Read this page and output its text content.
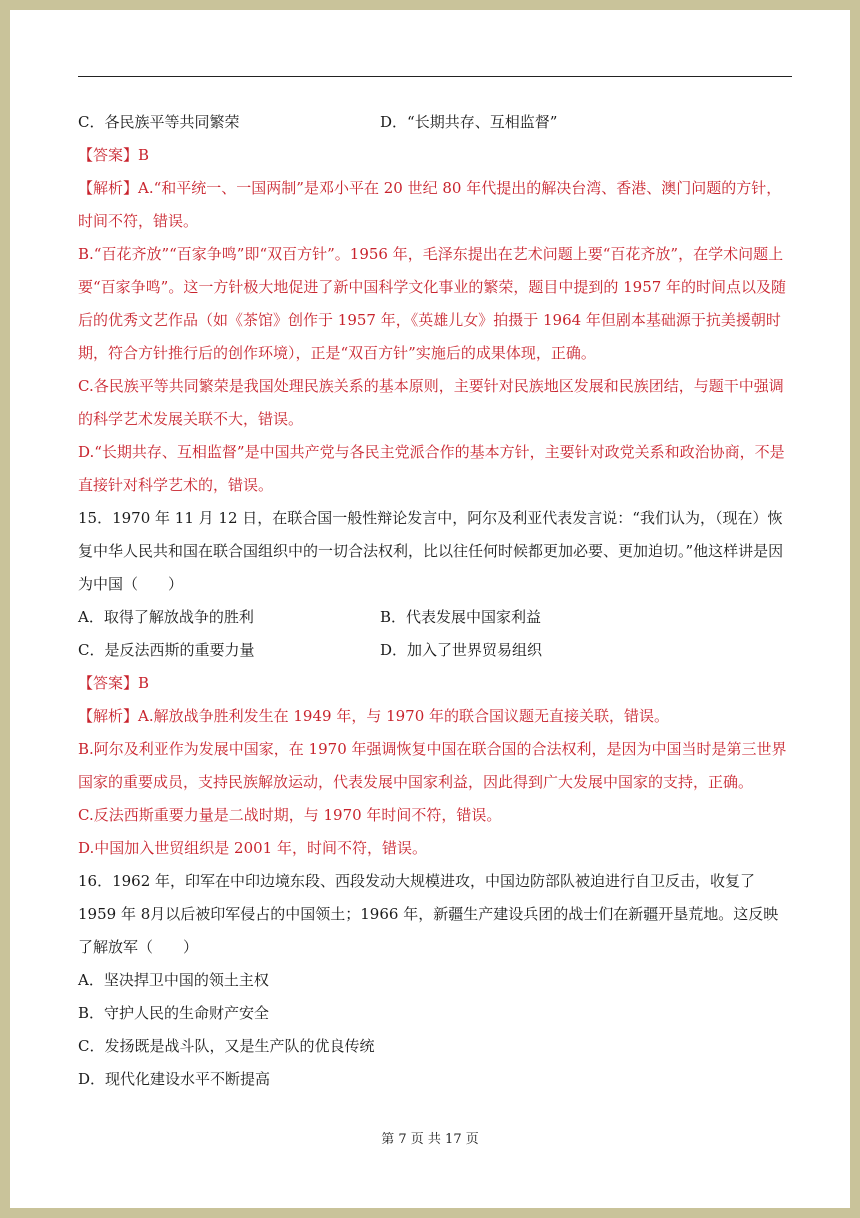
C．各民族平等共同繁荣	D．“长期共存、互相监督”
【答案】B
【解析】A.“和平统一、一国两制”是邓小平在 20 世纪 80 年代提出的解决台湾、香港、澳门问题的方针，时间不符，错误。
B.“百花齐放”“百家争鸣”即“双百方针”。1956 年，毛泽东提出在艺术问题上要“百花齐放”，在学术问题上要“百家争鸣”。这一方针极大地促进了新中国科学文化事业的繁荣，题目中提到的 1957 年的时间点以及随后的优秀文艺作品（如《茶馆》创作于 1957 年，《英雄儿女》拍摄于 1964 年但剧本基础源于抗美援朝时期，符合方针推行后的创作环境），正是“双百方针”实施后的成果体现，正确。
C.各民族平等共同繁荣是我国处理民族关系的基本原则，主要针对民族地区发展和民族团结，与题干中强调的科学艺术发展关联不大，错误。
D.“长期共存、互相监督”是中国共产党与各民主党派合作的基本方针，主要针对政党关系和政治协商，不是直接针对科学艺术的，错误。
15．1970 年 11 月 12 日，在联合国一般性辩论发言中，阿尔及利亚代表发言说：“我们认为，（现在）恢复中华人民共和国在联合国组织中的一切合法权利，比以往任何时候都更加必要、更加迫切。”他这样讲是因为中国（　　）
A．取得了解放战争的胜利	B．代表发展中国家利益
C．是反法西斯的重要力量	D．加入了世界贸易组织
【答案】B
【解析】A.解放战争胜利发生在 1949 年，与 1970 年的联合国议题无直接关联，错误。
B.阿尔及利亚作为发展中国家，在 1970 年强调恢复中国在联合国的合法权利，是因为中国当时是第三世界国家的重要成员，支持民族解放运动，代表发展中国家利益，因此得到广大发展中国家的支持，正确。
C.反法西斯重要力量是二战时期，与 1970 年时间不符，错误。
D.中国加入世贸组织是 2001 年，时间不符，错误。
16．1962 年，印军在中印边境东段、西段发动大规模进攻，中国边防部队被迫进行自卫反击，收复了 1959 年 8月以后被印军侵占的中国领土；1966 年，新疆生产建设兵团的战士们在新疆开垦荒地。这反映了解放军（　　）
A．坚决捍卫中国的领土主权
B．守护人民的生命财产安全
C．发扬既是战斗队，又是生产队的优良传统
D．现代化建设水平不断提高
第 7 页 共 17 页
